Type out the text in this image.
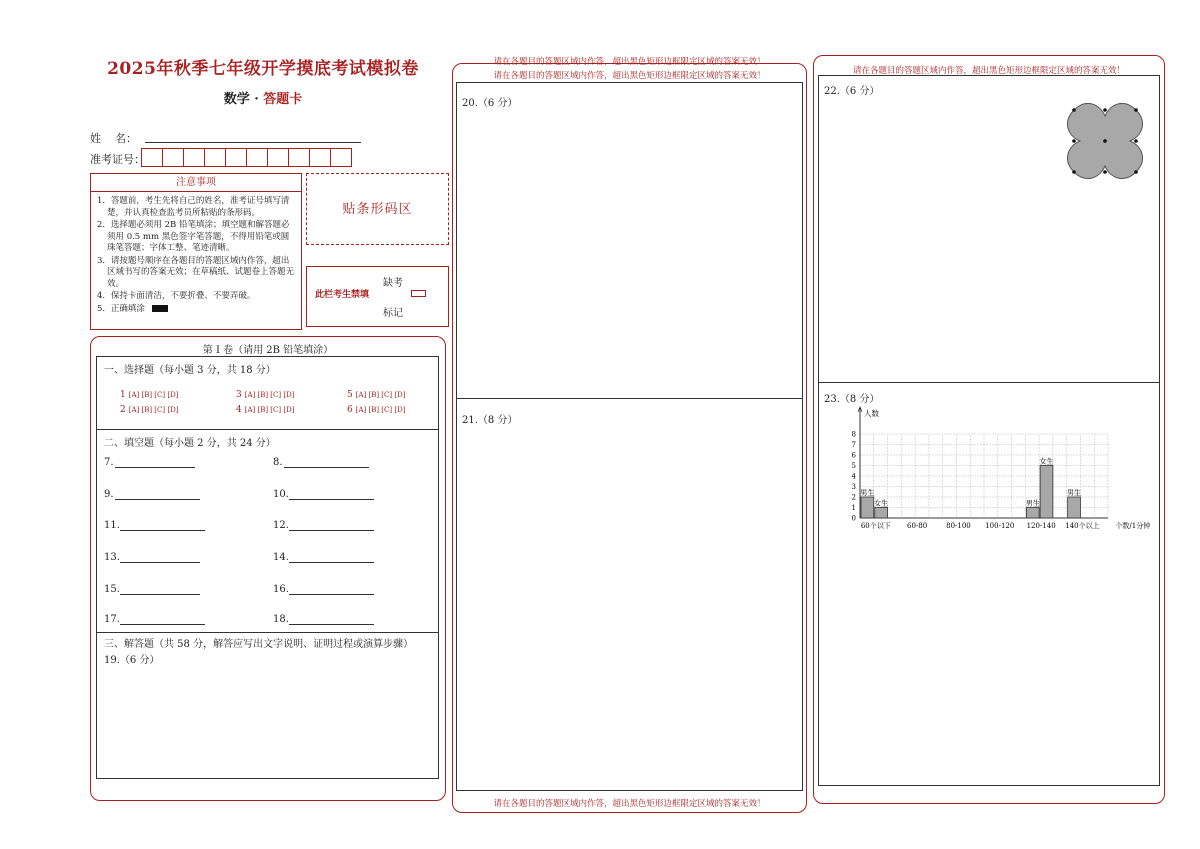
2025年秋季七年级开学摸底考试模拟卷
数学 · 答题卡
姓    名：
准考证号：
注意事项

1．答题前，考生先将自己的姓名，准考证号填写清楚，并认真检查监考员所粘贴的条形码。

2．选择题必须用 2B 铅笔填涂；填空题和解答题必须用 0.5 mm 黑色签字笔答题，不得用铅笔或圆珠笔答题；字体工整、笔迹清晰。

3．请按题号顺序在各题目的答题区域内作答，超出区域书写的答案无效；在草稿纸、试题卷上答题无效。

4．保持卡面清洁，不要折叠、不要弄破。

5．正确填涂

贴条形码区
此栏考生禁填
缺考
标记
第 I 卷（请用 2B 铅笔填涂）
一、选择题（每小题 3 分，共 18 分）
1 [A] [B] [C] [D]
2 [A] [B] [C] [D]
3 [A] [B] [C] [D]
4 [A] [B] [C] [D]
5 [A] [B] [C] [D]
6 [A] [B] [C] [D]
二、填空题（每小题 2 分，共 24 分）
7.	8.
9.	10.
11.	12.
13.	14.
15.	16.
17.	18.
三、解答题（共 58 分，解答应写出文字说明、证明过程或演算步骤）
19.（6 分）
请在各题目的答题区域内作答，超出黑色矩形边框限定区域的答案无效！
请在各题目的答题区域内作答，超出黑色矩形边框限定区域的答案无效！
20.（6 分）
21.（8 分）
请在各题目的答题区域内作答，超出黑色矩形边框限定区域的答案无效！
请在各题目的答题区域内作答，超出黑色矩形边框限定区域的答案无效！
22.（6 分）
23.（8 分）
人数
0
1
2
3
4
5
6
7
8
60个以下 60-80	80-100 100-120 120-140 140个以上 个数/1分钟
男生
男生
男生
女生
女生
